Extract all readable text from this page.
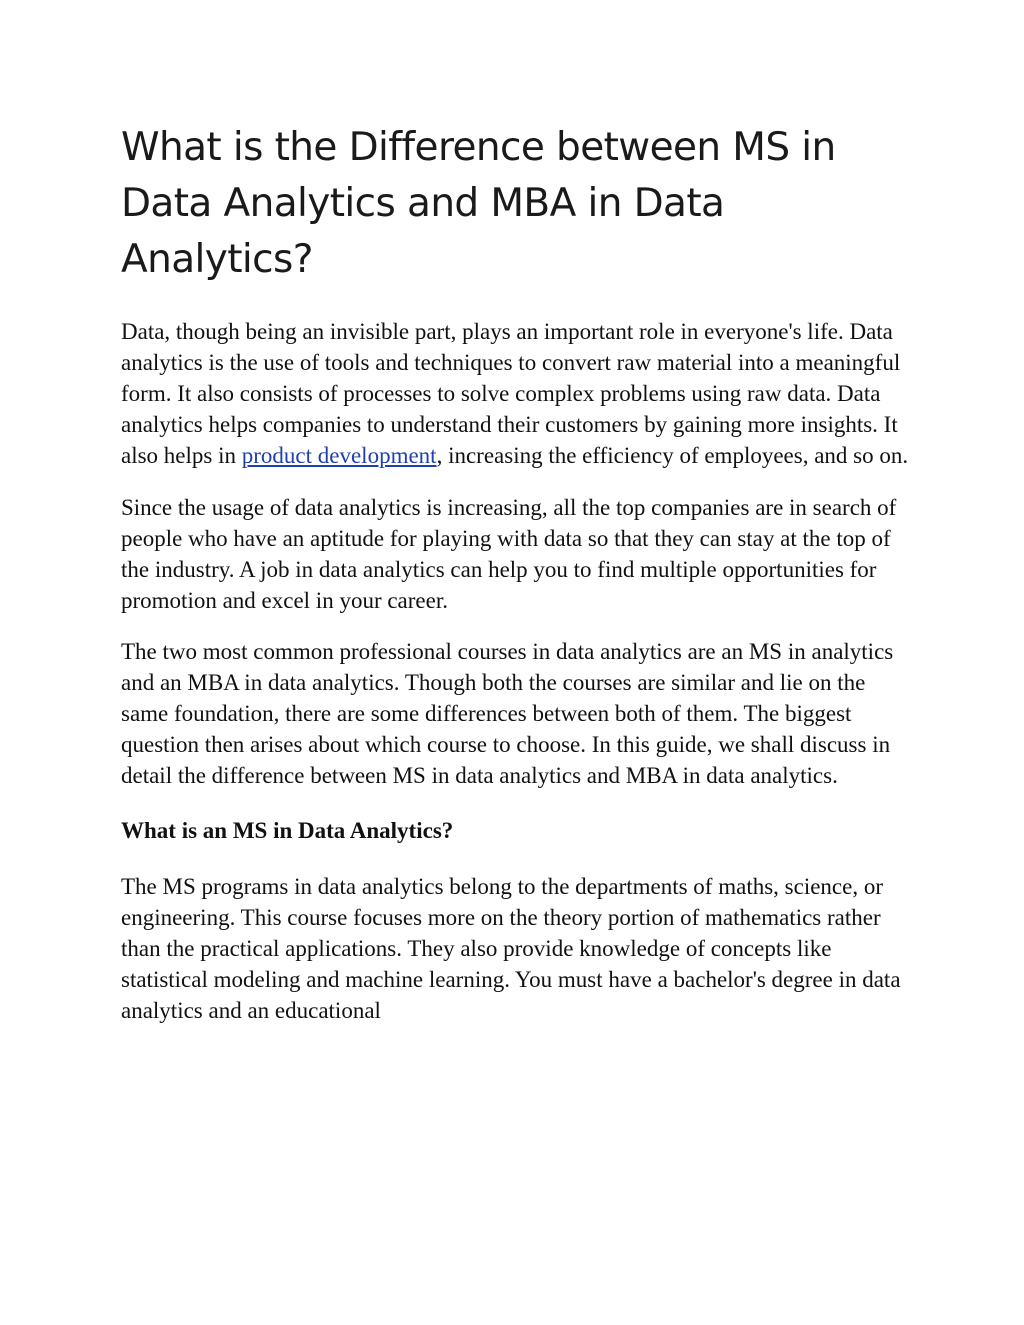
What is the Difference between MS in Data Analytics and MBA in Data Analytics?

Data, though being an invisible part, plays an important role in everyone's life. Data analytics is the use of tools and techniques to convert raw material into a meaningful form. It also consists of processes to solve complex problems using raw data. Data analytics helps companies to understand their customers by gaining more insights. It also helps in product development, increasing the efficiency of employees, and so on.

Since the usage of data analytics is increasing, all the top companies are in search of people who have an aptitude for playing with data so that they can stay at the top of the industry. A job in data analytics can help you to find multiple opportunities for promotion and excel in your career.

The two most common professional courses in data analytics are an MS in analytics and an MBA in data analytics. Though both the courses are similar and lie on the same foundation, there are some differences between both of them. The biggest question then arises about which course to choose. In this guide, we shall discuss in detail the difference between MS in data analytics and MBA in data analytics.

What is an MS in Data Analytics?

The MS programs in data analytics belong to the departments of maths, science, or engineering. This course focuses more on the theory portion of mathematics rather than the practical applications. They also provide knowledge of concepts like statistical modeling and machine learning. You must have a bachelor's degree in data analytics and an educational
